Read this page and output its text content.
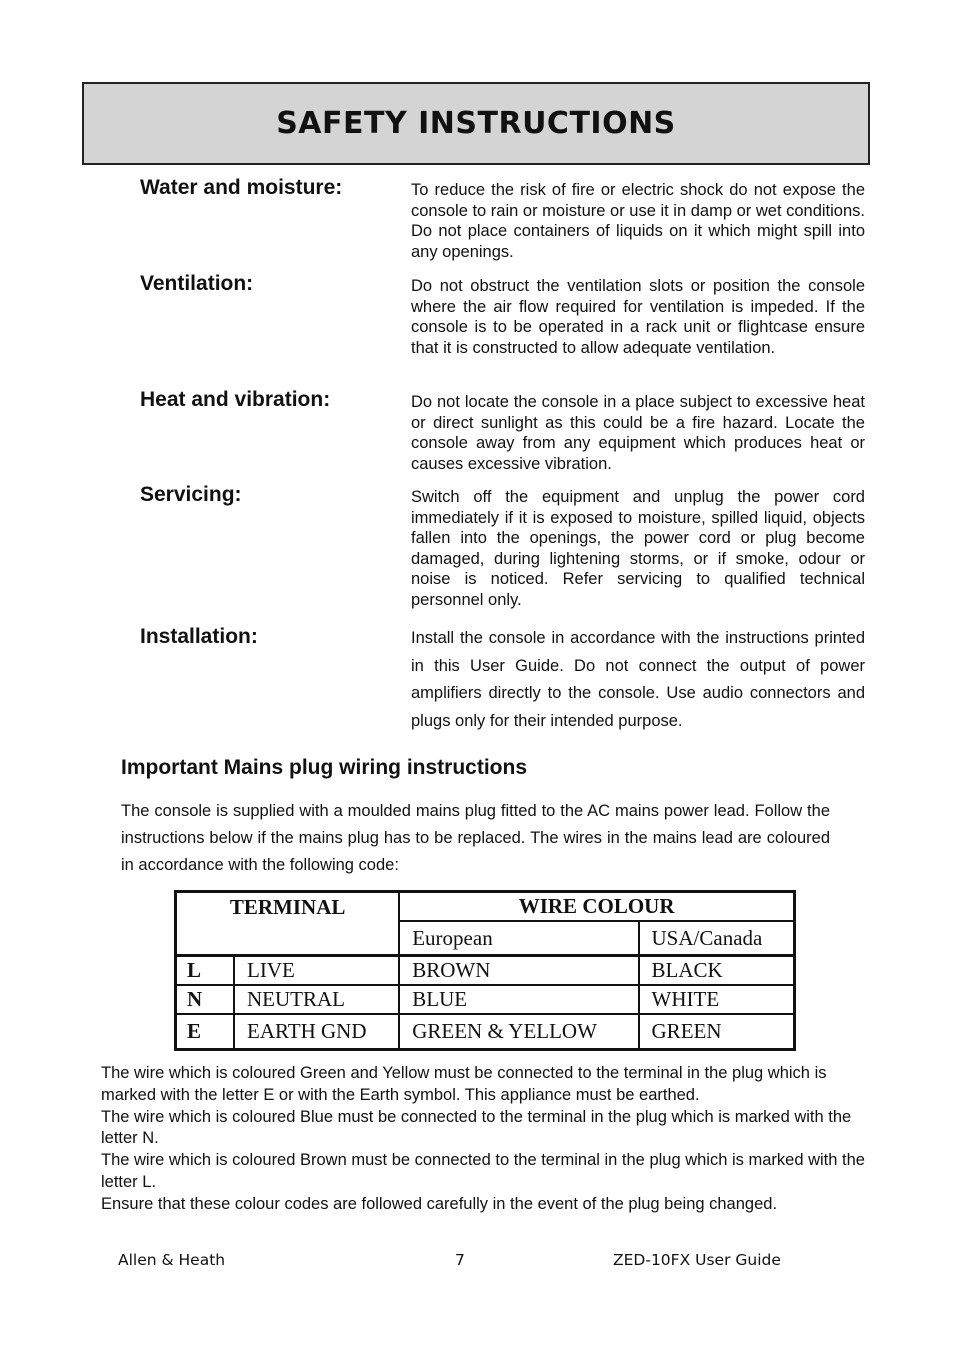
SAFETY INSTRUCTIONS
Water and moisture:	To reduce the risk of fire or electric shock do not expose the console to rain or moisture or use it in damp or wet conditions. Do not place containers of liquids on it which might spill into any openings.
Ventilation:	Do not obstruct the ventilation slots or position the console where the air flow required for ventilation is impeded. If the console is to be operated in a rack unit or flightcase ensure that it is constructed to allow adequate ventilation.
Heat and vibration:	Do not locate the console in a place subject to excessive heat or direct sunlight as this could be a fire hazard. Locate the console away from any equipment which produces heat or causes excessive vibration.
Servicing:	Switch off the equipment and unplug the power cord immediately if it is exposed to moisture, spilled liquid, objects fallen into the openings, the power cord or plug become damaged, during lightening storms, or if smoke, odour or noise is noticed. Refer servicing to qualified technical personnel only.
Installation:	Install the console in accordance with the instructions printed in this User Guide. Do not connect the output of power amplifiers directly to the console. Use audio connectors and plugs only for their intended purpose.
Important Mains plug wiring instructions
The console is supplied with a moulded mains plug fitted to the AC mains power lead. Follow the instructions below if the mains plug has to be replaced. The wires in the mains lead are coloured in accordance with the following code:
TERMINAL		WIRE COLOUR	
		European	USA/Canada
L	LIVE	BROWN	BLACK
N	NEUTRAL	BLUE	WHITE
E	EARTH GND	GREEN & YELLOW	GREEN

The wire which is coloured Green and Yellow must be connected to the terminal in the plug which is marked with the letter E or with the Earth symbol. This appliance must be earthed.

The wire which is coloured Blue must be connected to the terminal in the plug which is marked with the letter N.

The wire which is coloured Brown must be connected to the terminal in the plug which is marked with the letter L.

Ensure that these colour codes are followed carefully in the event of the plug being changed.

Allen & Heath	7	ZED-10FX User Guide
